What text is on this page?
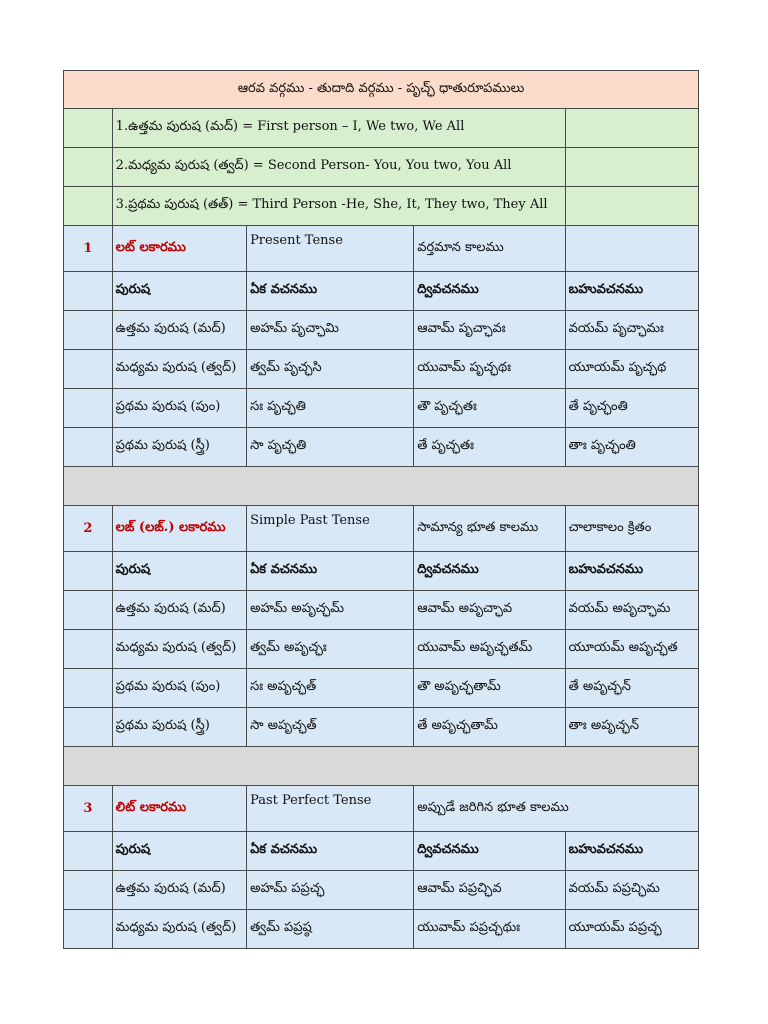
ఆరవ వర్గము - తుదాది వర్గము - పృచ్ఛ్ ధాతురూపములు				
	1.ఉత్తమ పురుష (మద్) = First person – I, We two, We All			
	2.మధ్యమ పురుష (త్వద్) = Second Person- You, You two, You All			
	3.ప్రథమ పురుష (తత్) = Third Person -He, She, It, They two, They All			
1	లట్ లకారము	Present Tense	వర్తమాన కాలము	
	పురుష	ఏక వచనము	ద్వివచనము	బహువచనము
	ఉత్తమ పురుష (మద్)	అహమ్ పృచ్ఛామి	ఆవామ్ పృచ్ఛావః	వయమ్ పృచ్ఛామః
	మధ్యమ పురుష (త్వద్)	త్వమ్ పృచ్ఛసి	యువామ్ పృచ్ఛథః	యూయమ్ పృచ్ఛథ
	ప్రథమ పురుష (పుం)	సః పృచ్ఛతి	తౌ పృచ్ఛతః	తే పృచ్ఛంతి
	ప్రథమ పురుష (స్త్రీ)	సా పృచ్ఛతి	తే పృచ్ఛతః	తాః పృచ్ఛంతి

2	లఙ్ (లఙ్.) లకారము	Simple Past Tense	సామాన్య భూత కాలము	చాలాకాలం క్రితం
	పురుష	ఏక వచనము	ద్వివచనము	బహువచనము
	ఉత్తమ పురుష (మద్)	అహమ్ అపృచ్ఛమ్	ఆవామ్ అపృచ్ఛావ	వయమ్ అపృచ్ఛామ
	మధ్యమ పురుష (త్వద్)	త్వమ్ అపృచ్ఛః	యువామ్ అపృచ్ఛతమ్	యూయమ్ అపృచ్ఛత
	ప్రథమ పురుష (పుం)	సః అపృచ్ఛత్	తౌ అపృచ్ఛతామ్	తే అపృచ్ఛన్
	ప్రథమ పురుష (స్త్రీ)	సా అపృచ్ఛత్	తే అపృచ్ఛతామ్	తాః అపృచ్ఛన్

3	లిట్ లకారము	Past Perfect Tense	అప్పుడే జరిగిన భూత కాలము	
	పురుష	ఏక వచనము	ద్వివచనము	బహువచనము
	ఉత్తమ పురుష (మద్)	అహమ్ పప్రచ్ఛ	ఆవామ్ పప్రచ్ఛివ	వయమ్ పప్రచ్ఛిమ
	మధ్యమ పురుష (త్వద్)	త్వమ్ పప్రష్ఠ	యువామ్ పప్రచ్ఛథుః	యూయమ్ పప్రచ్ఛ
